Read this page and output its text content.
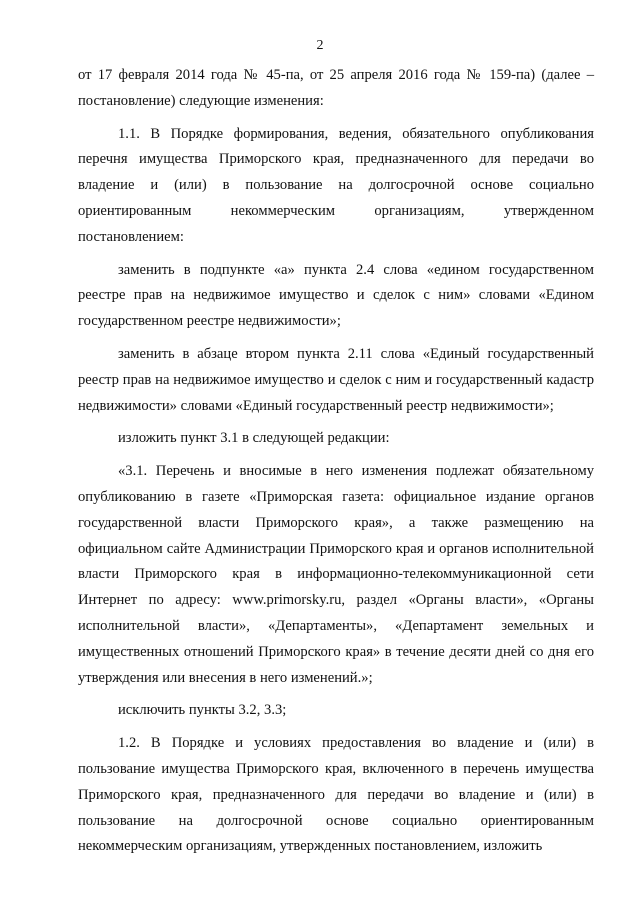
2

от 17 февраля 2014 года № 45-па, от 25 апреля 2016 года № 159-па) (далее – постановление) следующие изменения:

1.1. В Порядке формирования, ведения, обязательного опубликования перечня имущества Приморского края, предназначенного для передачи во владение и (или) в пользование на долгосрочной основе социально ориентированным некоммерческим организациям, утвержденном постановлением:

заменить в подпункте «а» пункта 2.4 слова «едином государственном реестре прав на недвижимое имущество и сделок с ним» словами «Едином государственном реестре недвижимости»;

заменить в абзаце втором пункта 2.11 слова «Единый государственный реестр прав на недвижимое имущество и сделок с ним и государственный кадастр недвижимости» словами «Единый государственный реестр недвижимости»;

изложить пункт 3.1 в следующей редакции:

«3.1. Перечень и вносимые в него изменения подлежат обязательному опубликованию в газете «Приморская газета: официальное издание органов государственной власти Приморского края», а также размещению на официальном сайте Администрации Приморского края и органов исполнительной власти Приморского края в информационно-телекоммуникационной сети Интернет по адресу: www.primorsky.ru, раздел «Органы власти», «Органы исполнительной власти», «Департаменты», «Департамент земельных и имущественных отношений Приморского края» в течение десяти дней со дня его утверждения или внесения в него изменений.»;

исключить пункты 3.2, 3.3;

1.2. В Порядке и условиях предоставления во владение и (или) в пользование имущества Приморского края, включенного в перечень имущества Приморского края, предназначенного для передачи во владение и (или) в пользование на долгосрочной основе социально ориентированным некоммерческим организациям, утвержденных постановлением, изложить
